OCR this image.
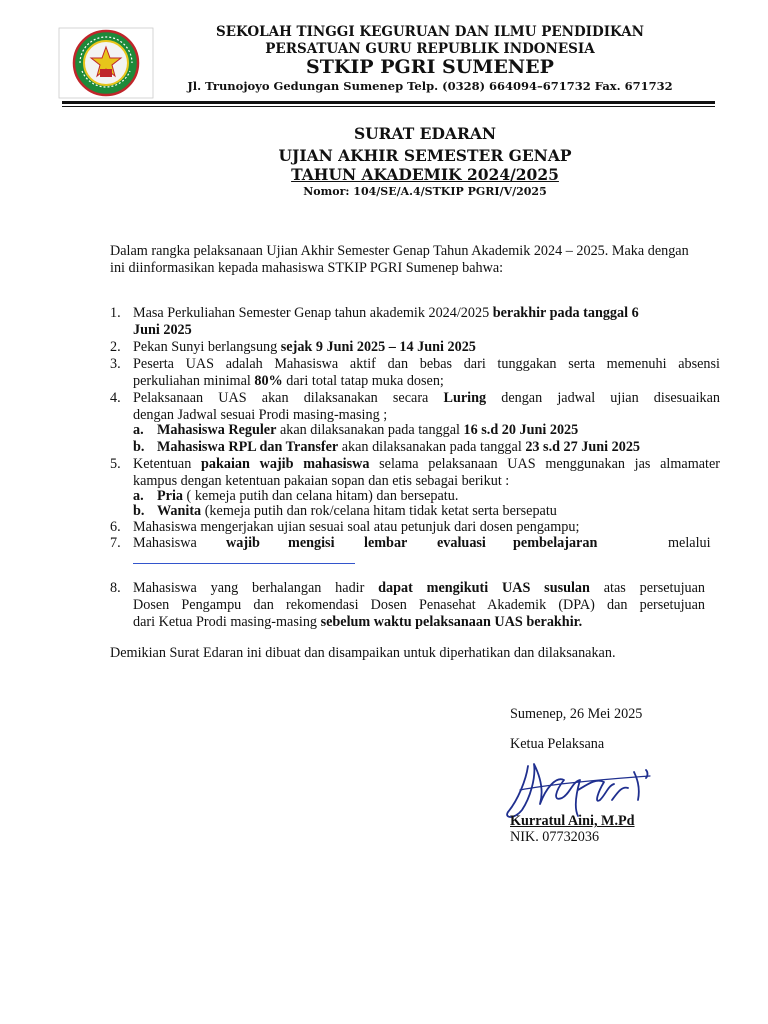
SEKOLAH TINGGI KEGURUAN DAN ILMU PENDIDIKAN
PERSATUAN GURU REPUBLIK INDONESIA
STKIP PGRI SUMENEP
Jl. Trunojoyo Gedungan Sumenep Telp. (0328) 664094–671732 Fax. 671732
SURAT EDARAN
UJIAN AKHIR SEMESTER GENAP
TAHUN AKADEMIK 2024/2025
Nomor: 104/SE/A.4/STKIP PGRI/V/2025
Dalam rangka pelaksanaan Ujian Akhir Semester Genap Tahun Akademik 2024 – 2025. Maka dengan
ini diinformasikan kepada mahasiswa STKIP PGRI Sumenep bahwa:
1. Masa Perkuliahan Semester Genap tahun akademik 2024/2025 berakhir pada tanggal 6
Juni 2025
2. Pekan Sunyi berlangsung sejak 9 Juni 2025 – 14 Juni 2025
3. Peserta UAS adalah Mahasiswa aktif dan bebas dari tunggakan serta memenuhi absensi
perkuliahan minimal 80% dari total tatap muka dosen;
4. Pelaksanaan UAS akan dilaksanakan secara Luring dengan jadwal ujian disesuaikan
dengan Jadwal sesuai Prodi masing-masing ;
a. Mahasiswa Reguler akan dilaksanakan pada tanggal 16 s.d 20 Juni 2025
b. Mahasiswa RPL dan Transfer akan dilaksanakan pada tanggal 23 s.d 27 Juni 2025
5. Ketentuan pakaian wajib mahasiswa selama pelaksanaan UAS menggunakan jas almamater
kampus dengan ketentuan pakaian sopan dan etis sebagai berikut :
a. Pria ( kemeja putih dan celana hitam) dan bersepatu.
b. Wanita (kemeja putih dan rok/celana hitam tidak ketat serta bersepatu
6. Mahasiswa mengerjakan ujian sesuai soal atau petunjuk dari dosen pengampu;
7. Mahasiswa wajib mengisi lembar evaluasi pembelajaran	melalui
8. Mahasiswa yang berhalangan hadir dapat mengikuti UAS susulan atas persetujuan
Dosen Pengampu dan rekomendasi Dosen Penasehat Akademik (DPA) dan persetujuan
dari Ketua Prodi masing-masing sebelum waktu pelaksanaan UAS berakhir.
Demikian Surat Edaran ini dibuat dan disampaikan untuk diperhatikan dan dilaksanakan.
Sumenep, 26 Mei 2025
Ketua Pelaksana
Kurratul Aini, M.Pd
NIK. 07732036
